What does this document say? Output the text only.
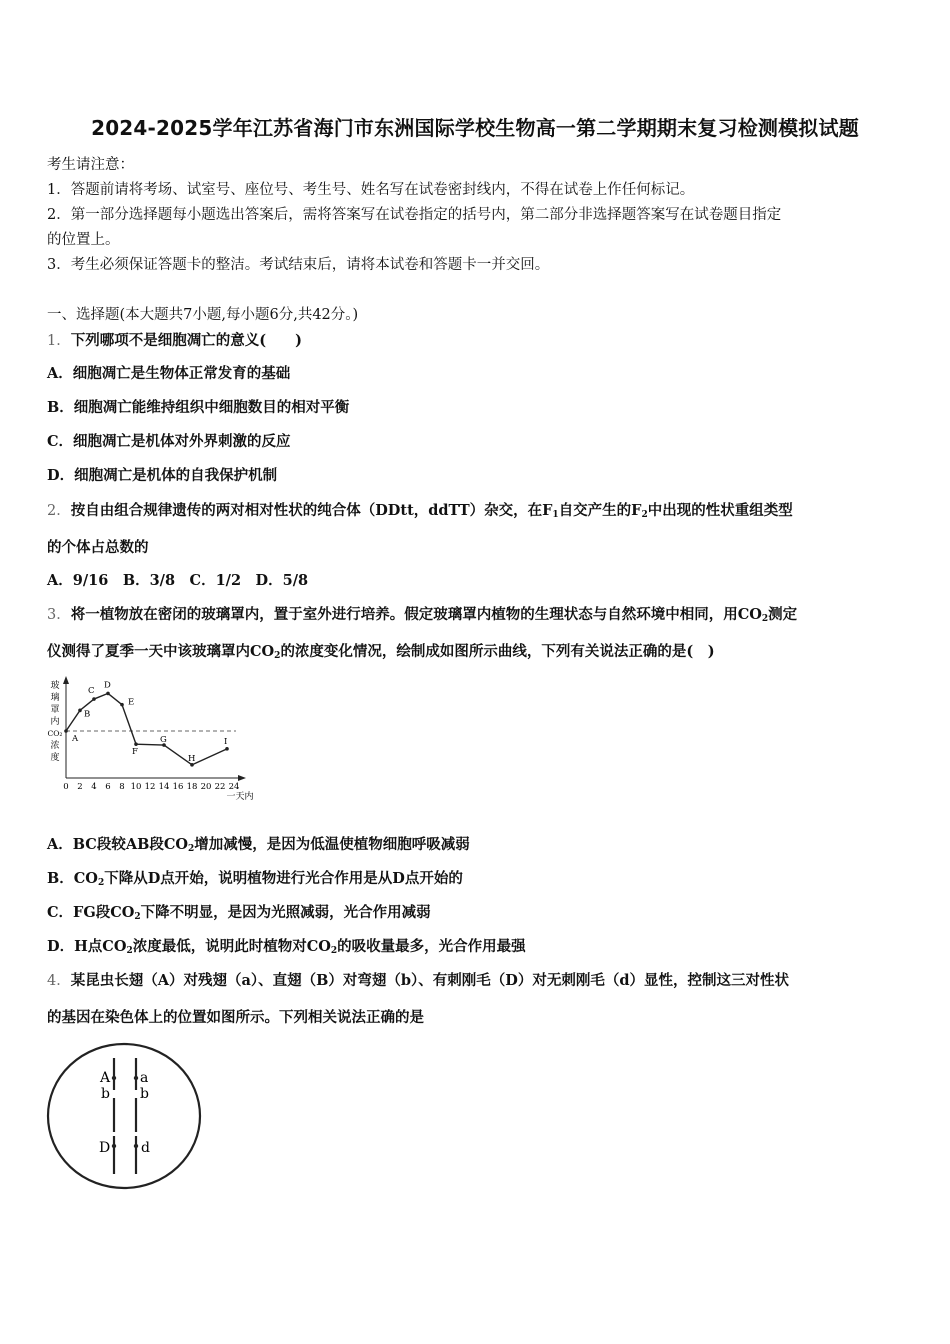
2024-2025学年江苏省海门市东洲国际学校生物高一第二学期期末复习检测模拟试题
考生请注意：
1．答题前请将考场、试室号、座位号、考生号、姓名写在试卷密封线内，不得在试卷上作任何标记。
2．第一部分选择题每小题选出答案后，需将答案写在试卷指定的括号内，第二部分非选择题答案写在试卷题目指定
的位置上。
3．考生必须保证答题卡的整洁。考试结束后，请将本试卷和答题卡一并交回。
一、选择题(本大题共7小题,每小题6分,共42分。)
1．下列哪项不是细胞凋亡的意义(　　)
A．细胞凋亡是生物体正常发育的基础
B．细胞凋亡能维持组织中细胞数目的相对平衡
C．细胞凋亡是机体对外界刺激的反应
D．细胞凋亡是机体的自我保护机制
2．按自由组合规律遗传的两对相对性状的纯合体（DDtt，ddTT）杂交，在$F_1$自交产生的$F_2$中出现的性状重组类型
的个体占总数的
A．9/16　B．3/8　C．1/2　D．5/8
3．将一植物放在密闭的玻璃罩内，置于室外进行培养。假定玻璃罩内植物的生理状态与自然环境中相同，用$CO_2$测定
仪测得了夏季一天中该玻璃罩内$CO_2$的浓度变化情况，绘制成如图所示曲线，下列有关说法正确的是(　)
玻
璃
罩
内
CO₂
浓
度
A
B
C
D
E
F
G
H
I
0 2 4 6 8 10 12 14 16 18 20 22 24
一天内
A．BC段较AB段$CO_2$增加减慢，是因为低温使植物细胞呼吸减弱
B．$CO_2$下降从D点开始，说明植物进行光合作用是从D点开始的
C．FG段$CO_2$下降不明显，是因为光照减弱，光合作用减弱
D．H点$CO_2$浓度最低，说明此时植物对$CO_2$的吸收量最多，光合作用最强
4．某昆虫长翅（A）对残翅（a）、直翅（B）对弯翅（b）、有刺刚毛（D）对无刺刚毛（d）显性，控制这三对性状
的基因在染色体上的位置如图所示。下列相关说法正确的是
A
b
D
a
b
d
